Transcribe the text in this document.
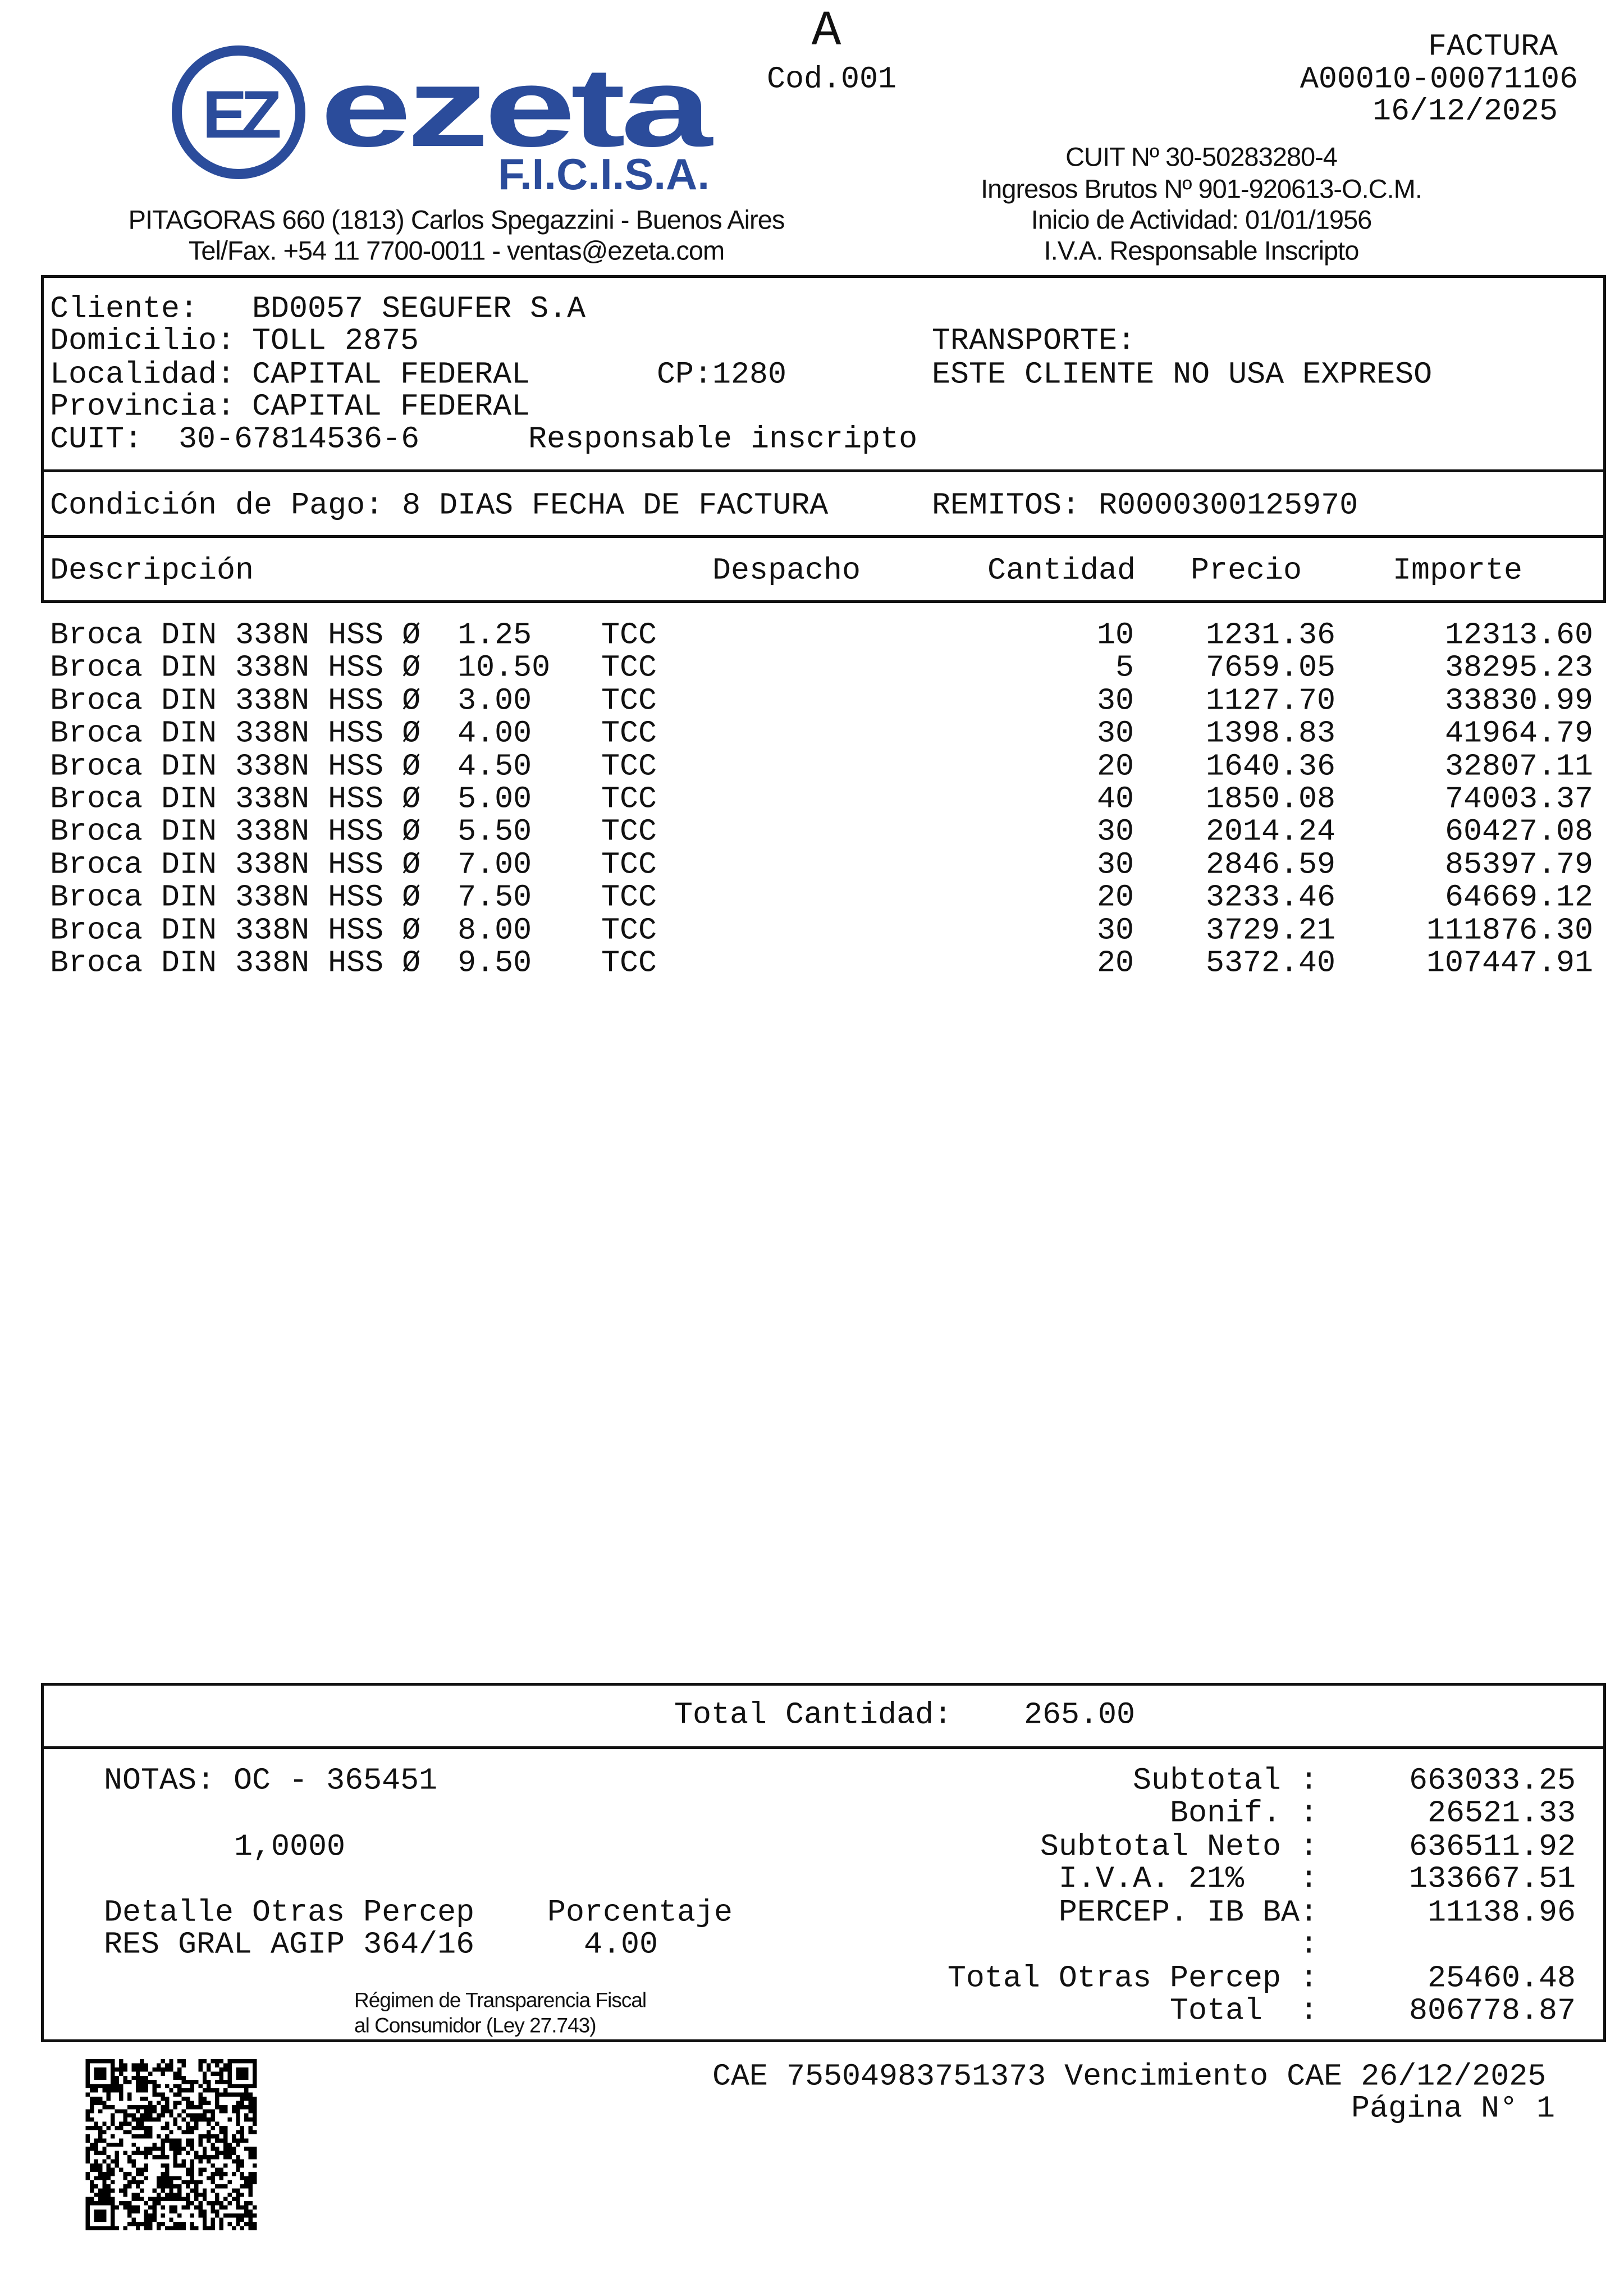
EZ ezeta
F.I.C.I.S.A.
A
Cod.001
FACTURA
A00010-00071106
16/12/2025
PITAGORAS 660 (1813) Carlos Spegazzini - Buenos Aires
Tel/Fax. +54 11 7700-0011 - ventas@ezeta.com
CUIT Nº 30-50283280-4
Ingresos Brutos Nº 901-920613-O.C.M.
Inicio de Actividad: 01/01/1956
I.V.A. Responsable Inscripto
Cliente: BD0057 SEGUFER S.A
Domicilio: TOLL 2875	TRANSPORTE:
Localidad: CAPITAL FEDERAL	CP:1280	ESTE CLIENTE NO USA EXPRESO
Provincia: CAPITAL FEDERAL
CUIT: 30-67814536-6	Responsable inscripto
Condición de Pago: 8 DIAS FECHA DE FACTURA	REMITOS: R0000300125970
Descripción	Despacho	Cantidad Precio	Importe
Broca DIN 338N HSS Ø  1.25 TCC	10 1231.36	12313.60
Broca DIN 338N HSS Ø  10.50 TCC	5 7659.05	38295.23
Broca DIN 338N HSS Ø  3.00 TCC	30 1127.70	33830.99
Broca DIN 338N HSS Ø  4.00 TCC	30 1398.83	41964.79
Broca DIN 338N HSS Ø  4.50 TCC	20 1640.36	32807.11
Broca DIN 338N HSS Ø  5.00 TCC	40 1850.08	74003.37
Broca DIN 338N HSS Ø  5.50 TCC	30 2014.24	60427.08
Broca DIN 338N HSS Ø  7.00 TCC	30 2846.59	85397.79
Broca DIN 338N HSS Ø  7.50 TCC	20 3233.46	64669.12
Broca DIN 338N HSS Ø  8.00 TCC	30 3729.21	111876.30
Broca DIN 338N HSS Ø  9.50 TCC	20 5372.40	107447.91
Total Cantidad: 265.00
NOTAS: OC - 365451
1,0000
Detalle Otras Percep Porcentaje
RES GRAL AGIP 364/16	4.00
Régimen de Transparencia Fiscal
al Consumidor (Ley 27.743)
Subtotal :	663033.25
Bonif. :	26521.33
Subtotal Neto :	636511.92
I.V.A. 21%   :	133667.51
PERCEP. IB BA:	11138.96
:
Total Otras Percep :	25460.48
Total  :	806778.87
CAE 75504983751373 Vencimiento CAE 26/12/2025
Página N° 1
